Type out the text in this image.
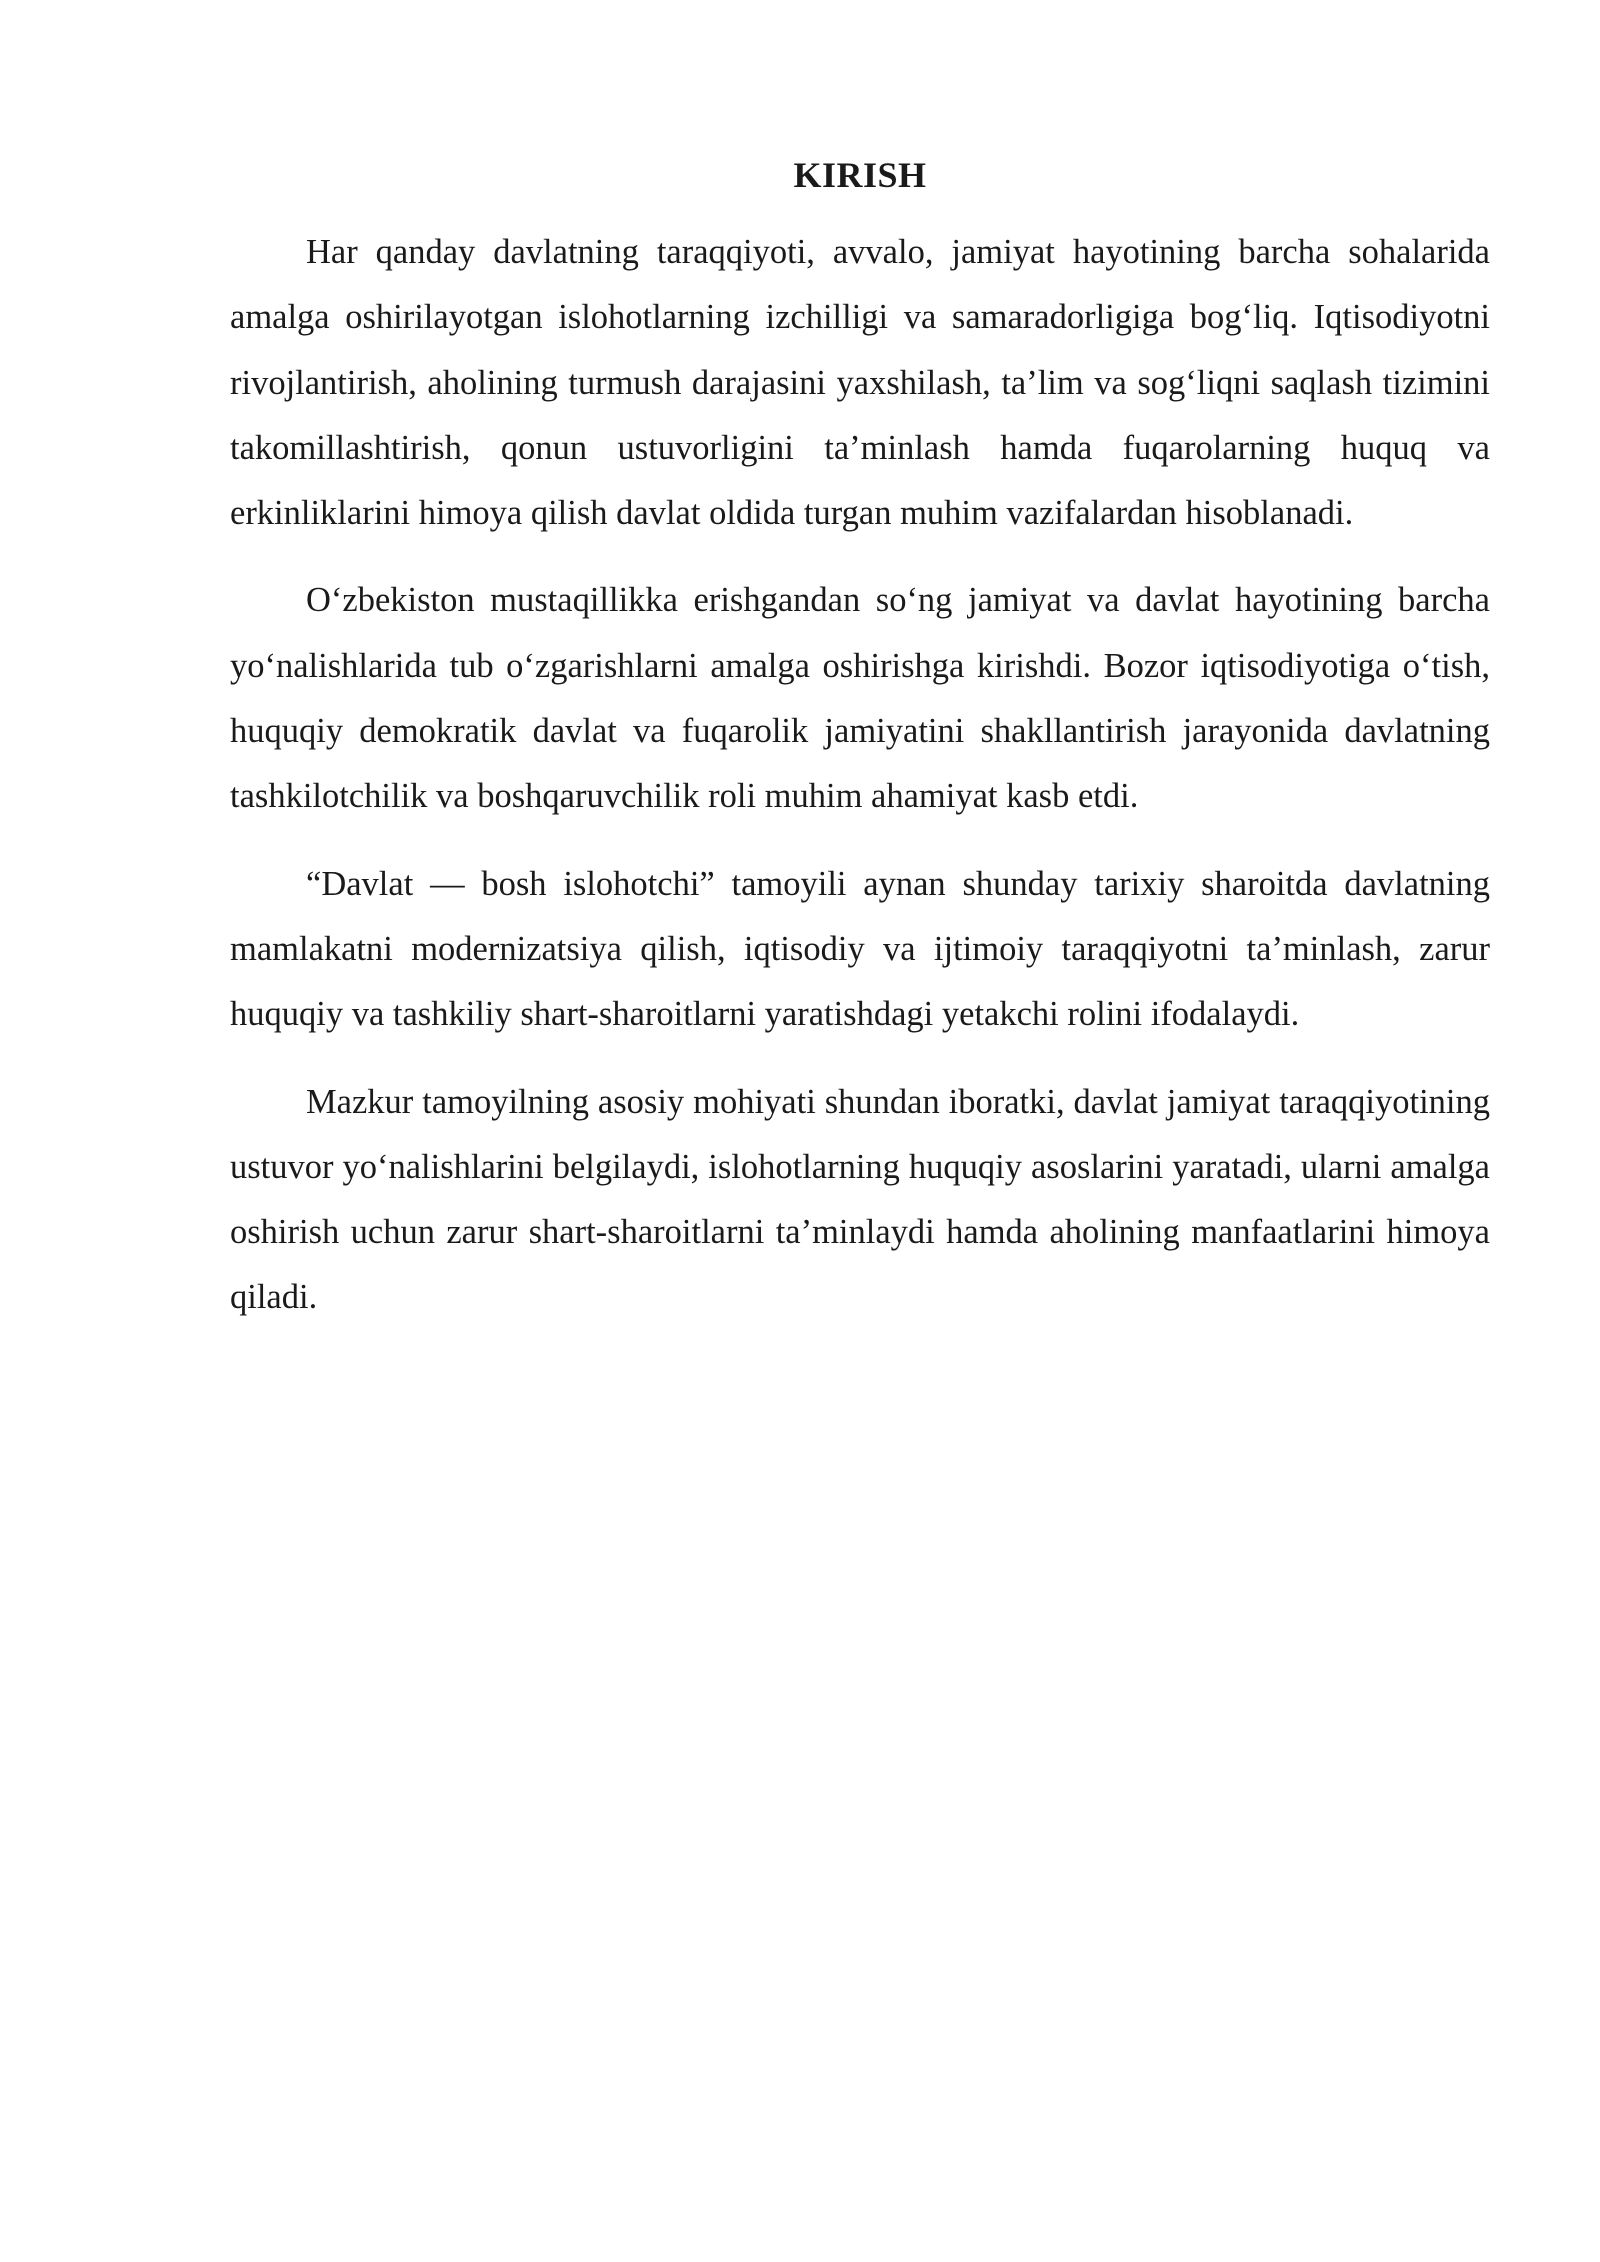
KIRISH

Har qanday davlatning taraqqiyoti, avvalo, jamiyat hayotining barcha sohalarida amalga oshirilayotgan islohotlarning izchilligi va samaradorligiga bog‘liq. Iqtisodiyotni rivojlantirish, aholining turmush darajasini yaxshilash, ta’lim va sog‘liqni saqlash tizimini takomillashtirish, qonun ustuvorligini ta’minlash hamda fuqarolarning huquq va erkinliklarini himoya qilish davlat oldida turgan muhim vazifalardan hisoblanadi.

O‘zbekiston mustaqillikka erishgandan so‘ng jamiyat va davlat hayotining barcha yo‘nalishlarida tub o‘zgarishlarni amalga oshirishga kirishdi. Bozor iqtisodiyotiga o‘tish, huquqiy demokratik davlat va fuqarolik jamiyatini shakllantirish jarayonida davlatning tashkilotchilik va boshqaruvchilik roli muhim ahamiyat kasb etdi.

“Davlat — bosh islohotchi” tamoyili aynan shunday tarixiy sharoitda davlatning mamlakatni modernizatsiya qilish, iqtisodiy va ijtimoiy taraqqiyotni ta’minlash, zarur huquqiy va tashkiliy shart-sharoitlarni yaratishdagi yetakchi rolini ifodalaydi.

Mazkur tamoyilning asosiy mohiyati shundan iboratki, davlat jamiyat taraqqiyotining ustuvor yo‘nalishlarini belgilaydi, islohotlarning huquqiy asoslarini yaratadi, ularni amalga oshirish uchun zarur shart-sharoitlarni ta’minlaydi hamda aholining manfaatlarini himoya qiladi.
